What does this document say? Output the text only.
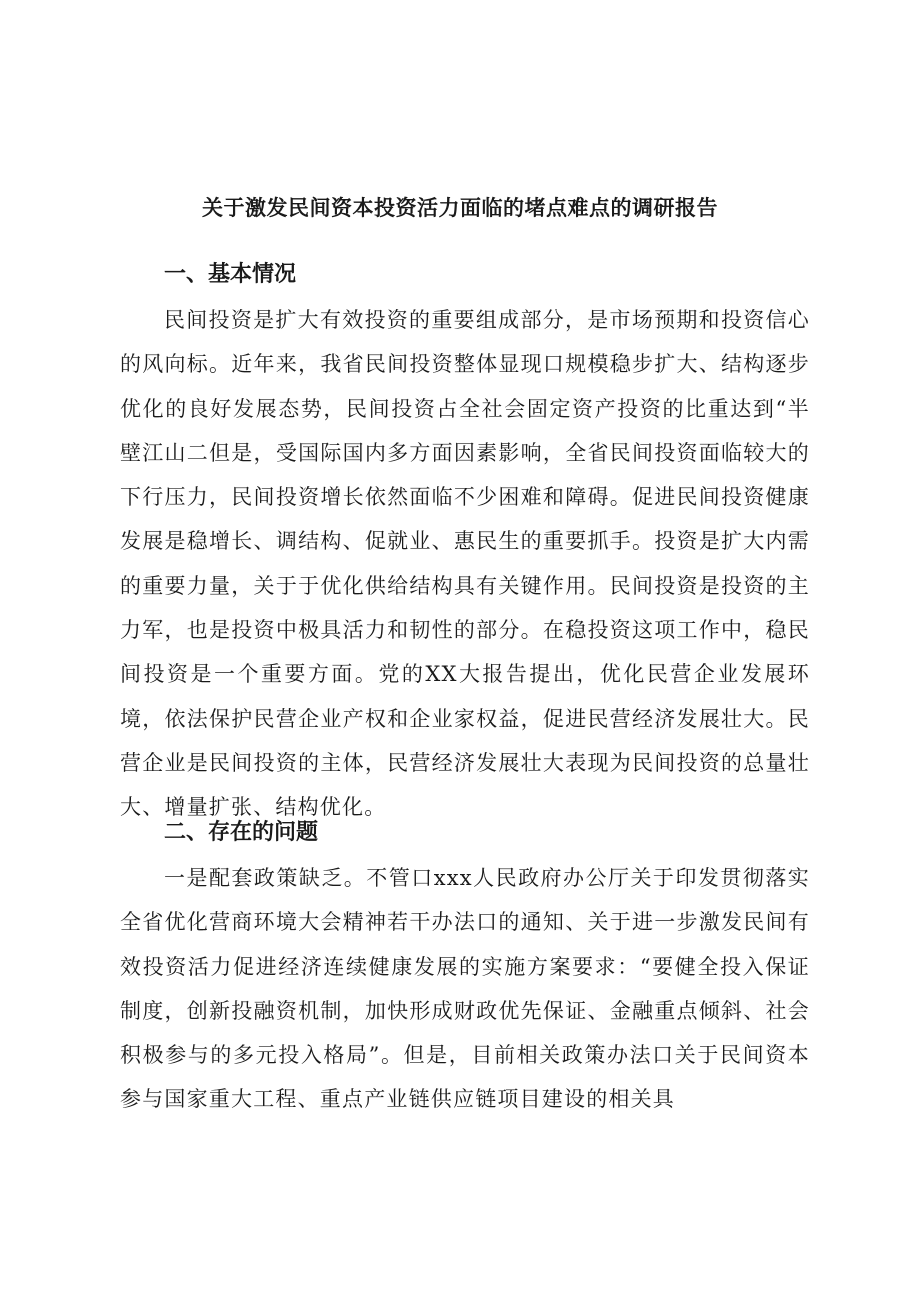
关于激发民间资本投资活力面临的堵点难点的调研报告
一、基本情况

民间投资是扩大有效投资的重要组成部分，是市场预期和投资信心的风向标。近年来，我省民间投资整体显现口规模稳步扩大、结构逐步优化的良好发展态势，民间投资占全社会固定资产投资的比重达到“半壁江山二但是，受国际国内多方面因素影响，全省民间投资面临较大的下行压力，民间投资增长依然面临不少困难和障碍。促进民间投资健康发展是稳增长、调结构、促就业、惠民生的重要抓手。投资是扩大内需的重要力量，关于于优化供给结构具有关键作用。民间投资是投资的主力军，也是投资中极具活力和韧性的部分。在稳投资这项工作中，稳民间投资是一个重要方面。党的XX大报告提出，优化民营企业发展环境，依法保护民营企业产权和企业家权益，促进民营经济发展壮大。民营企业是民间投资的主体，民营经济发展壮大表现为民间投资的总量壮大、增量扩张、结构优化。

二、存在的问题

一是配套政策缺乏。不管口xxx人民政府办公厅关于印发贯彻落实全省优化营商环境大会精神若干办法口的通知、关于进一步激发民间有效投资活力促进经济连续健康发展的实施方案要求：“要健全投入保证制度，创新投融资机制，加快形成财政优先保证、金融重点倾斜、社会积极参与的多元投入格局”。但是，目前相关政策办法口关于民间资本参与国家重大工程、重点产业链供应链项目建设的相关具
